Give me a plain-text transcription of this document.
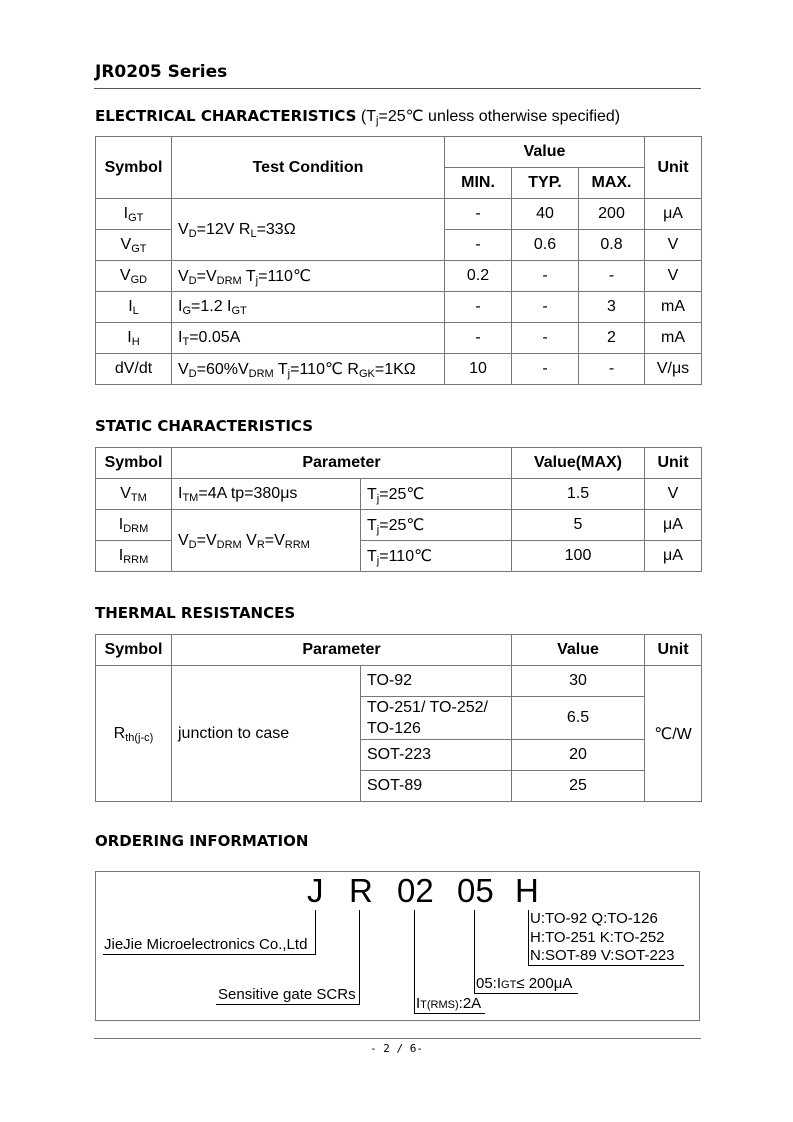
JR0205 Series
ELECTRICAL CHARACTERISTICS ($T_j=25℃$ unless otherwise specified)
Symbol	Test Condition	Value			Unit
		MIN.	TYP.	MAX.	
$I_{GT}$	$V_D=12V$ $R_L=33\Omega$	-	40	200	μA
$V_{GT}$		-	0.6	0.8	V
$V_{GD}$	$V_D=V_{DRM}$ $T_j=110℃$	0.2	-	-	V
$I_L$	$I_G=1.2$ $I_{GT}$	-	-	3	mA
$I_H$	$I_T=0.05A$	-	-	2	mA
dV/dt	$V_D=60\%V_{DRM}$ $T_j=110℃$ $R_{GK}=1K\Omega$	10	-	-	V/μs
STATIC CHARACTERISTICS
Symbol	Parameter		Value(MAX)	Unit
$V_{TM}$	$I_{TM}=4A$ tp=380μs	$T_j=25℃$	1.5	V
$I_{DRM}$	$V_D=V_{DRM}$ $V_R=V_{RRM}$	$T_j=25℃$	5	μA
$I_{RRM}$		$T_j=110℃$	100	μA
THERMAL RESISTANCES
Symbol	Parameter		Value	Unit
$R_{th(j-c)}$	junction to case	TO-92	30	℃/W
		TO-251/ TO-252/ TO-126	6.5	
		SOT-223	20	
		SOT-89	25	
ORDERING INFORMATION
J R 02 05 H
JieJie Microelectronics Co.,Ltd
Sensitive gate SCRs
IT(RMS):2A
05:IGT≤ 200μA
U:TO-92 Q:TO-126
H:TO-251 K:TO-252
N:SOT-89 V:SOT-223
- 2 / 6-
